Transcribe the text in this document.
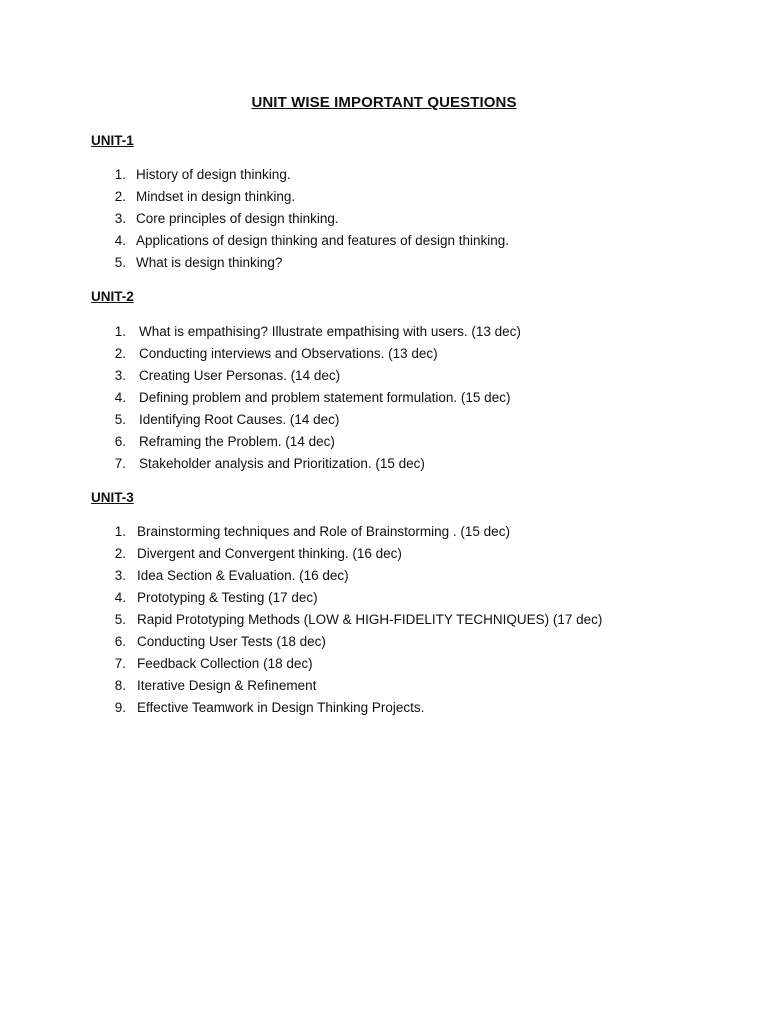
UNIT WISE IMPORTANT QUESTIONS
UNIT-1
1. History of design thinking.
2. Mindset in design thinking.
3. Core principles of design thinking.
4. Applications of design thinking and features of design thinking.
5. What is design thinking?
UNIT-2
1. What is empathising? Illustrate empathising with users. (13 dec)
2. Conducting interviews and Observations. (13 dec)
3. Creating User Personas. (14 dec)
4. Defining problem and problem statement formulation. (15 dec)
5. Identifying Root Causes. (14 dec)
6. Reframing the Problem. (14 dec)
7. Stakeholder analysis and Prioritization. (15 dec)
UNIT-3
1. Brainstorming techniques and Role of Brainstorming . (15 dec)
2. Divergent and Convergent thinking. (16 dec)
3. Idea Section & Evaluation. (16 dec)
4. Prototyping & Testing (17 dec)
5. Rapid Prototyping Methods (LOW & HIGH-FIDELITY TECHNIQUES) (17 dec)
6. Conducting User Tests (18 dec)
7. Feedback Collection (18 dec)
8. Iterative Design & Refinement
9. Effective Teamwork in Design Thinking Projects.
